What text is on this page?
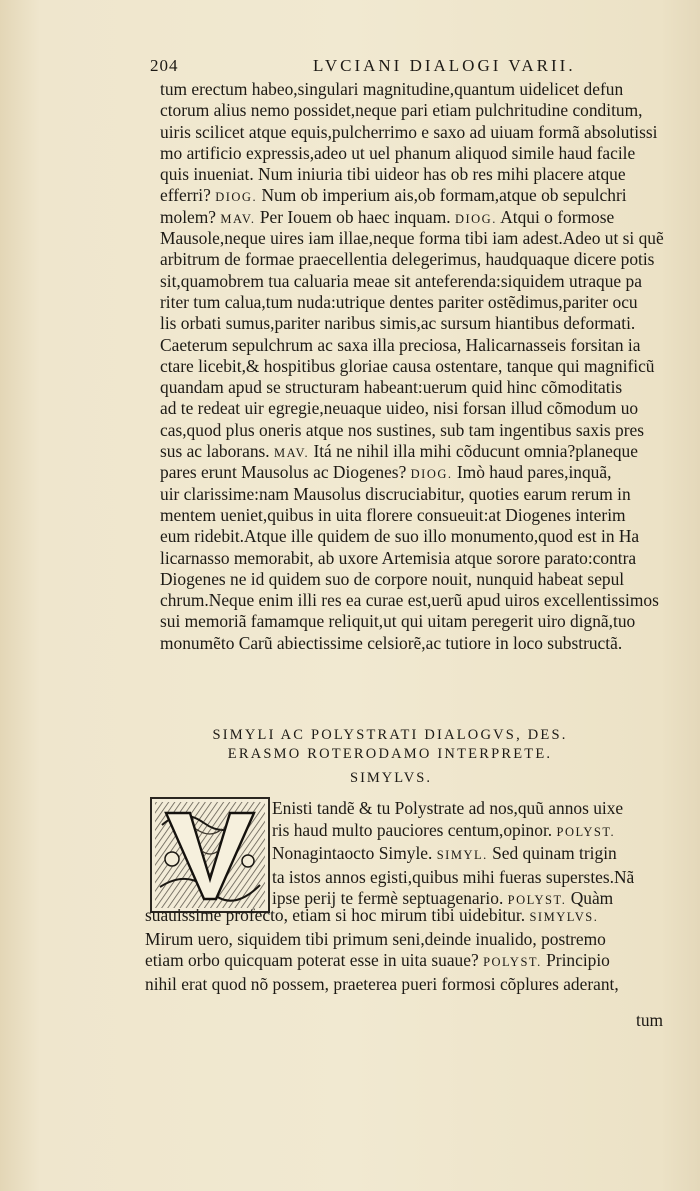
204	LVCIANI DIALOGI VARII.
tum erectum habeo,singulari magnitudine,quantum uidelicet defun
ctorum alius nemo possidet,neque pari etiam pulchritudine conditum,
uiris scilicet atque equis,pulcherrimo e saxo ad uiuam formã absolutissi
mo artificio expressis,adeo ut uel phanum aliquod simile haud facile
quis inueniat. Num iniuria tibi uideor has ob res mihi placere atque
efferri? DIOG. Num ob imperium ais,ob formam,atque ob sepulchri
molem? MAV. Per Iouem ob haec inquam. DIOG. Atqui o formose
Mausole,neque uires iam illae,neque forma tibi iam adest.Adeo ut si quẽ
arbitrum de formae praecellentia delegerimus, haudquaque dicere potis
sit,quamobrem tua caluaria meae sit anteferenda:siquidem utraque pa
riter tum calua,tum nuda:utrique dentes pariter ostẽdimus,pariter ocu
lis orbati sumus,pariter naribus simis,ac sursum hiantibus deformati.
Caeterum sepulchrum ac saxa illa preciosa, Halicarnasseis forsitan ia
ctare licebit,& hospitibus gloriae causa ostentare, tanque qui magnificũ
quandam apud se structuram habeant:uerum quid hinc cõmoditatis
ad te redeat uir egregie,neuaque uideo, nisi forsan illud cõmodum uo
cas,quod plus oneris atque nos sustines, sub tam ingentibus saxis pres
sus ac laborans. MAV. Itá ne nihil illa mihi cõducunt omnia?planeque
pares erunt Mausolus ac Diogenes? DIOG. Imò haud pares,inquã,
uir clarissime:nam Mausolus discruciabitur, quoties earum rerum in
mentem ueniet,quibus in uita florere consueuit:at Diogenes interim
eum ridebit.Atque ille quidem de suo illo monumento,quod est in Ha
licarnasso memorabit, ab uxore Artemisia atque sorore parato:contra
Diogenes ne id quidem suo de corpore nouit, nunquid habeat sepul
chrum.Neque enim illi res ea curae est,uerũ apud uiros excellentissimos
sui memoriã famamque reliquit,ut qui uitam peregerit uiro dignã,tuo
monumẽto Carũ abiectissime celsiorẽ,ac tutiore in loco substructã.
SIMYLI AC POLYSTRATI DIALOGVS, DES.
ERASMO ROTERODAMO INTERPRETE.
SIMYLVS.
Enisti tandẽ & tu Polystrate ad nos,quũ annos uixe
ris haud multo pauciores centum,opinor. POLYST.
Nonagintaocto Simyle. SIMYL. Sed quinam trigin
ta istos annos egisti,quibus mihi fueras superstes.Nã
ipse perij te fermè septuagenario. POLYST. Quàm
suauissime profecto, etiam si hoc mirum tibi uidebitur. SIMYLVS.
Mirum uero, siquidem tibi primum seni,deinde inualido, postremo
etiam orbo quicquam poterat esse in uita suaue? POLYST. Principio
nihil erat quod nõ possem, praeterea pueri formosi cõplures aderant,
tum
